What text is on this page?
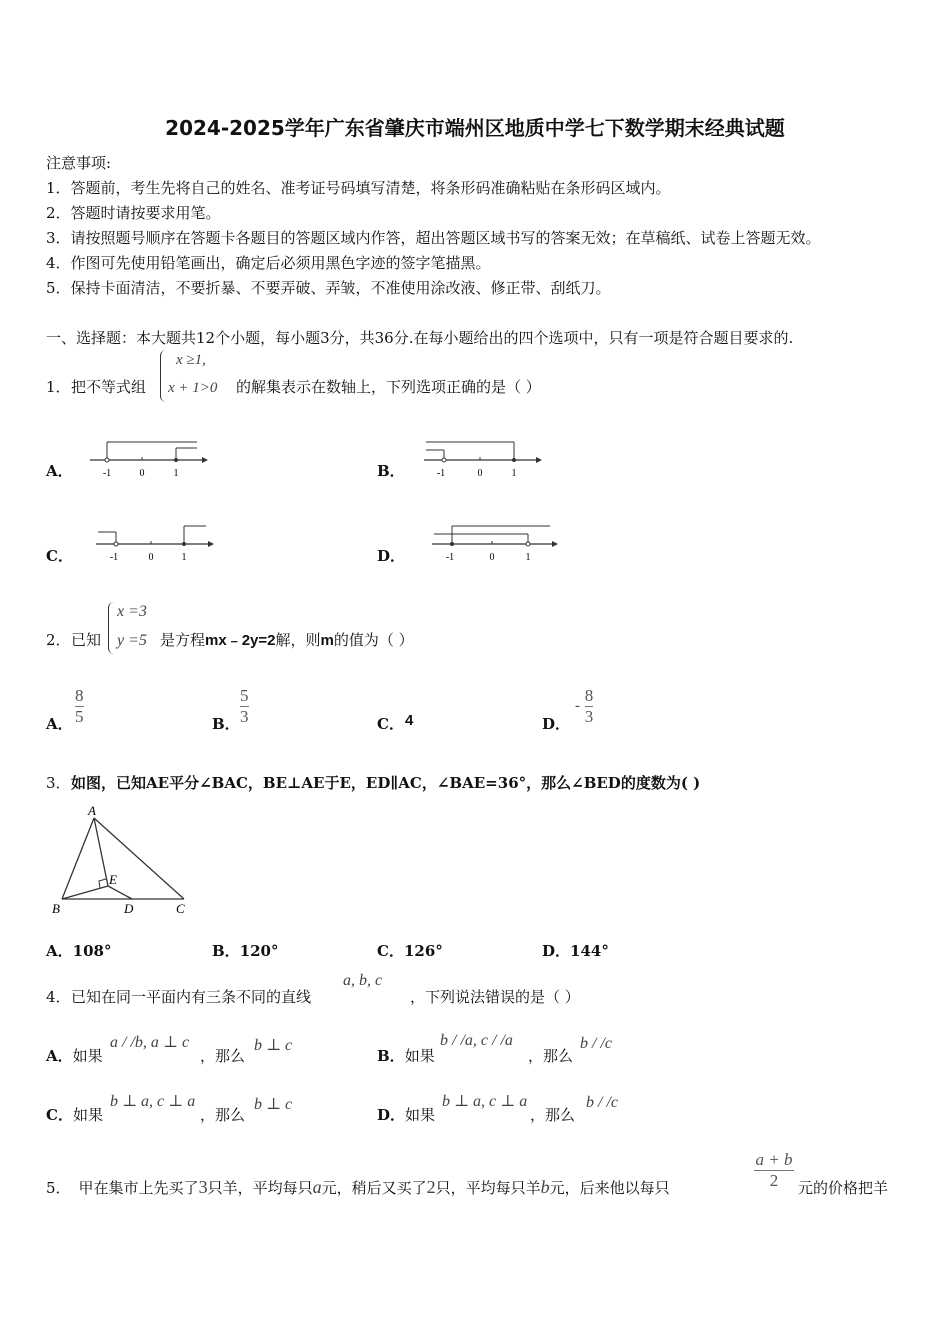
2024-2025学年广东省肇庆市端州区地质中学七下数学期末经典试题
注意事项:
1．答题前，考生先将自己的姓名、准考证号码填写清楚，将条形码准确粘贴在条形码区域内。
2．答题时请按要求用笔。
3．请按照题号顺序在答题卡各题目的答题区域内作答，超出答题区域书写的答案无效；在草稿纸、试卷上答题无效。
4．作图可先使用铅笔画出，确定后必须用黑色字迹的签字笔描黑。
5．保持卡面清洁，不要折暴、不要弄破、弄皱，不准使用涂改液、修正带、刮纸刀。
一、选择题：本大题共12个小题，每小题3分，共36分.在每小题给出的四个选项中，只有一项是符合题目要求的.
1． 把不等式组
x ≥1,
x + 1>0 的解集表示在数轴上，下列选项正确的是（ ）
A．	B．
C．	D．
-1	0	1	-1	0	1
-1	0	1	-1	0	1
2． 已知
x =3
y =5 是方程mx﹣2y=2解，则m的值为（ ）
A． $\frac{8}{5}$	B． $\frac{5}{3}$	C． 4	D．
- $\frac{8}{3}$
3． 如图，已知AE平分∠BAC，BE⊥AE于E，ED∥AC，∠BAE=36°，那么∠BED的度数为( )
A
E
B	D	C
A．108°	B．120°	C．126°	D．144°
4． 已知在同一平面内有三条不同的直线
a, b, c
，下列说法错误的是（ ）
A．如果
a / /b, a ⊥ c
，那么
b ⊥ c
B．如果
b / /a, c / /a
，那么
b / /c
C．如果
b ⊥ a, c ⊥ a
，那么
b ⊥ c
D．如果
b ⊥ a, c ⊥ a
，那么
b / /c
5． 甲在集市上先买了3只羊，平均每只a元，稍后又买了2只，平均每只羊b元，后来他以每只	$\frac{a + b}{2}$ 元的价格把羊
